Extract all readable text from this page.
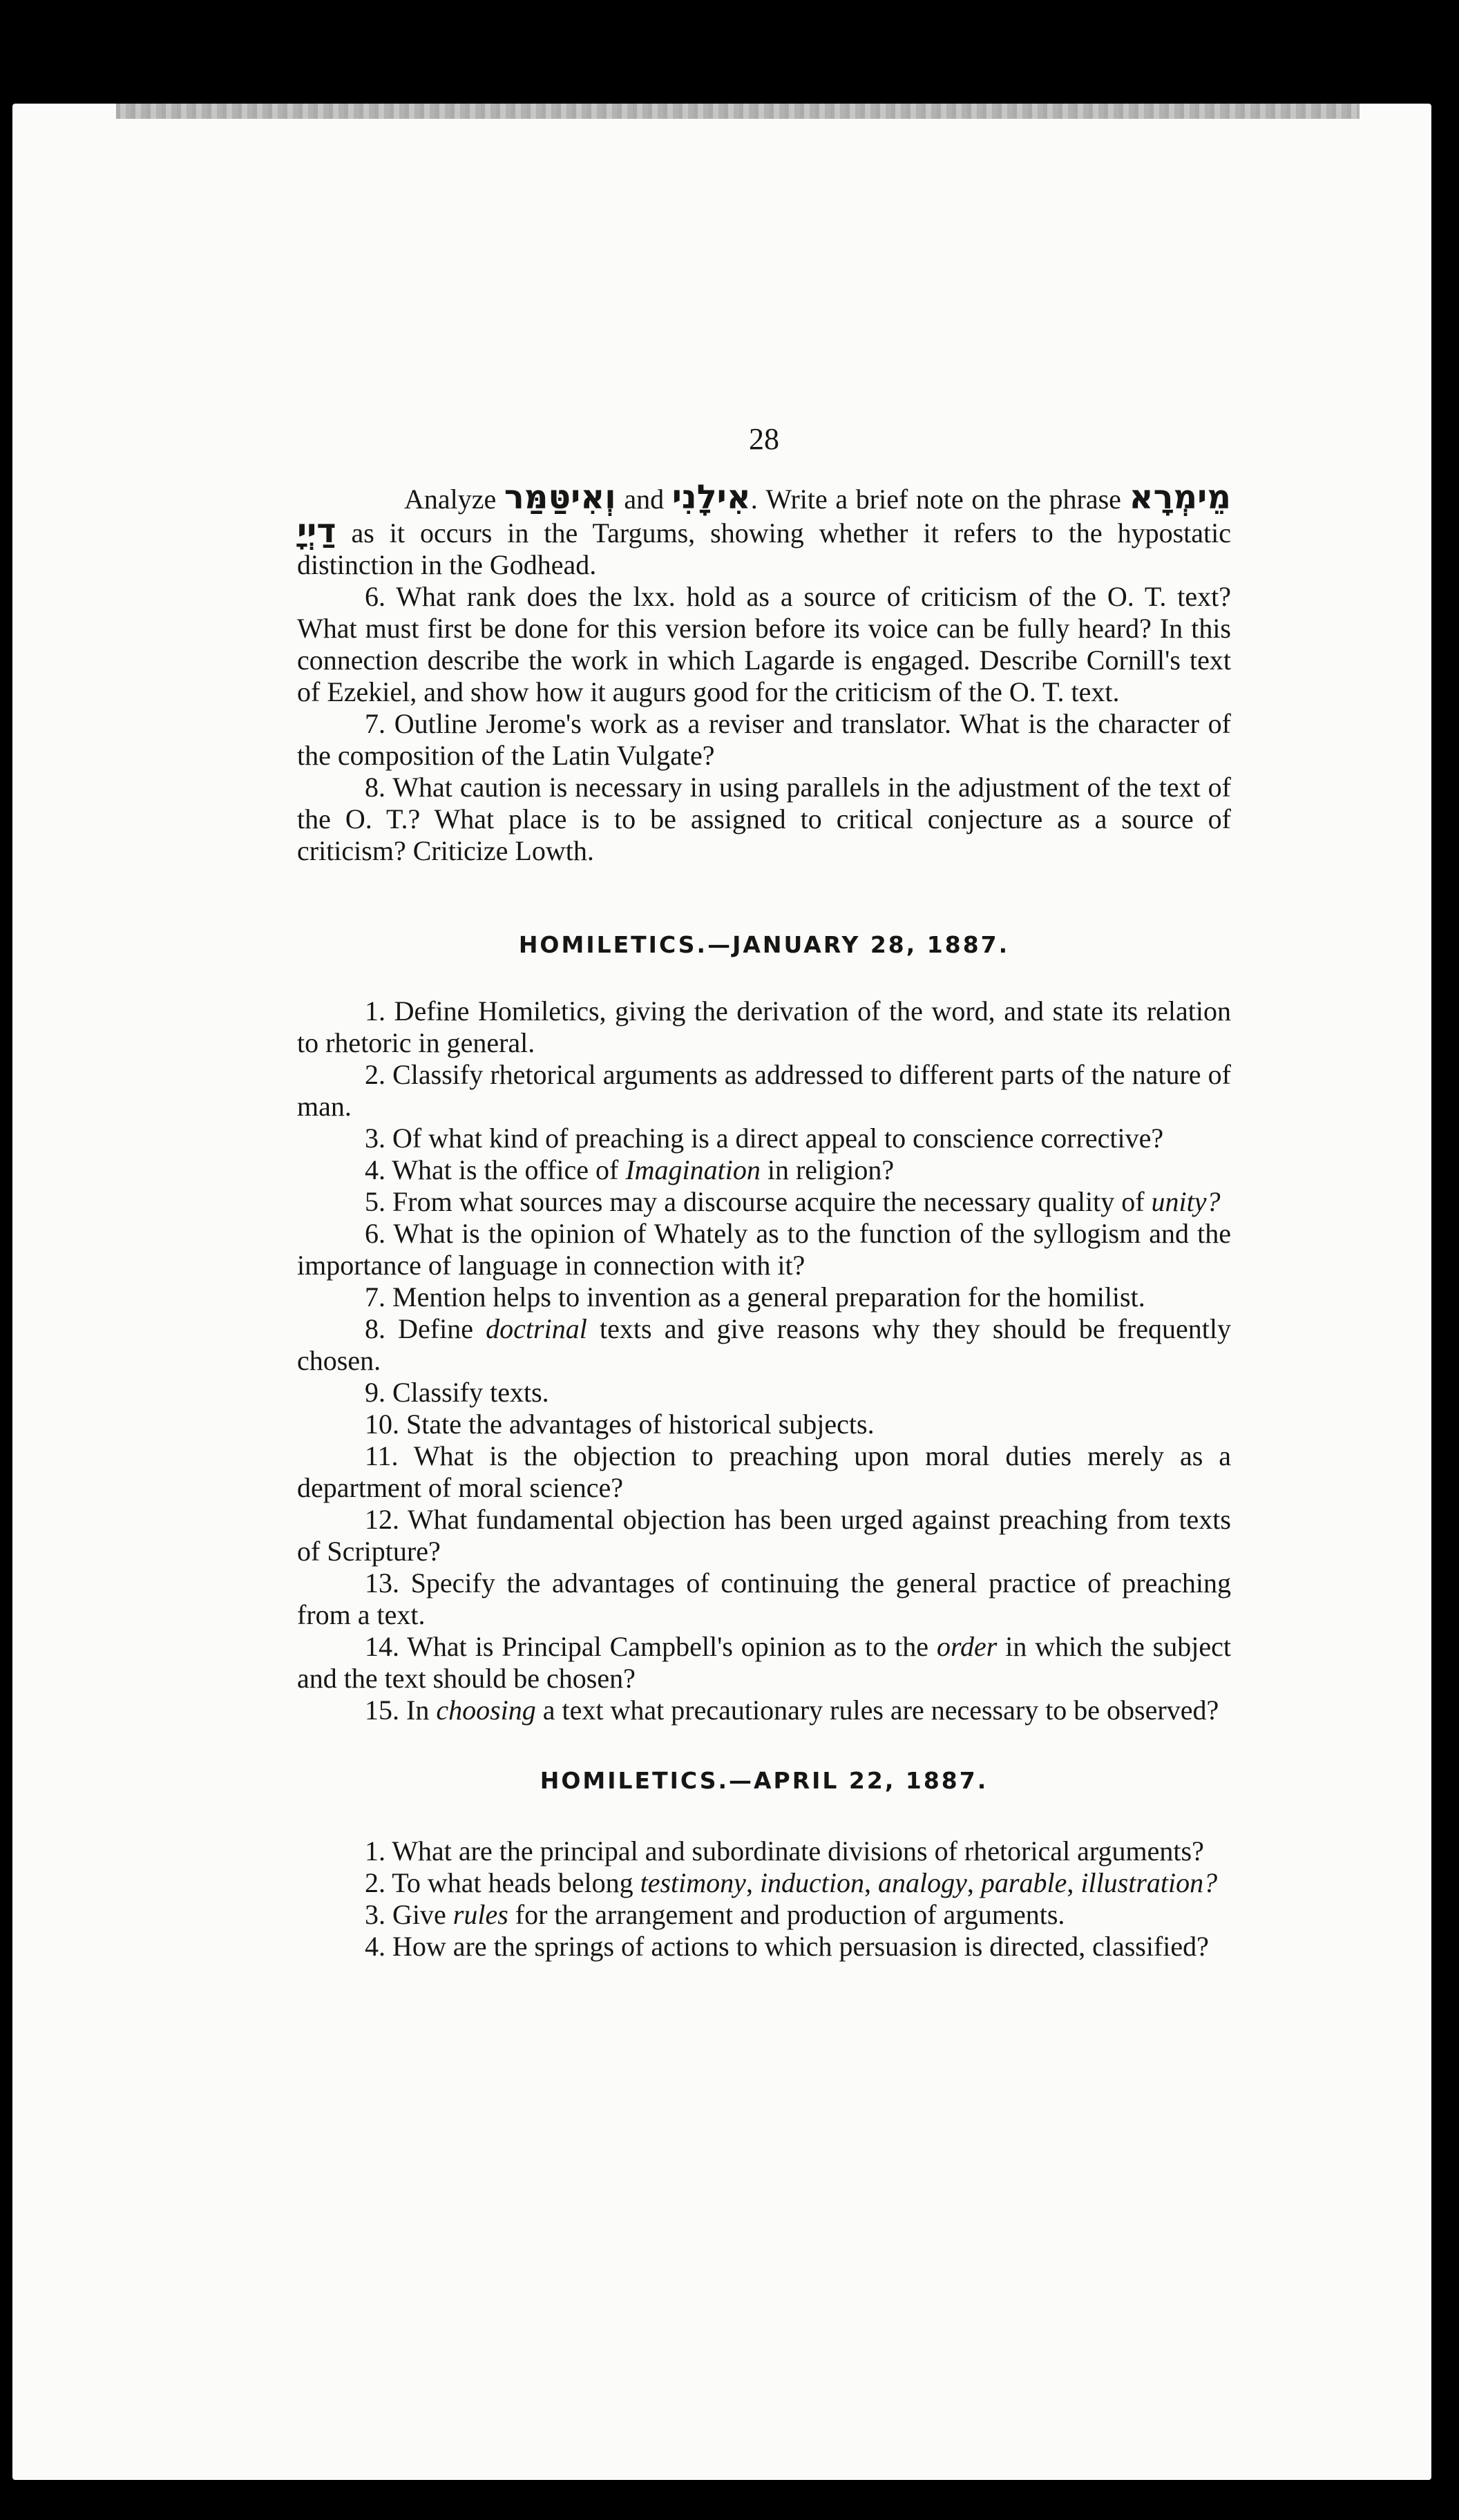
28

Analyze וְאִיטַּמַּר and אִילָנִי. Write a brief note on the phrase מֵימְרָא דַיְיָ as it occurs in the Targums, showing whether it refers to the hypostatic distinction in the Godhead.

6. What rank does the lxx. hold as a source of criticism of the O. T. text? What must first be done for this version before its voice can be fully heard? In this connection describe the work in which Lagarde is engaged. Describe Cornill's text of Ezekiel, and show how it augurs good for the criticism of the O. T. text.

7. Outline Jerome's work as a reviser and translator. What is the character of the composition of the Latin Vulgate?

8. What caution is necessary in using parallels in the adjustment of the text of the O. T.? What place is to be assigned to critical conjecture as a source of criticism? Criticize Lowth.

HOMILETICS.—JANUARY 28, 1887.

1. Define Homiletics, giving the derivation of the word, and state its relation to rhetoric in general.

2. Classify rhetorical arguments as addressed to different parts of the nature of man.

3. Of what kind of preaching is a direct appeal to conscience corrective?

4. What is the office of Imagination in religion?

5. From what sources may a discourse acquire the necessary quality of unity?

6. What is the opinion of Whately as to the function of the syllogism and the importance of language in connection with it?

7. Mention helps to invention as a general preparation for the homilist.

8. Define doctrinal texts and give reasons why they should be frequently chosen.

9. Classify texts.

10. State the advantages of historical subjects.

11. What is the objection to preaching upon moral duties merely as a department of moral science?

12. What fundamental objection has been urged against preaching from texts of Scripture?

13. Specify the advantages of continuing the general practice of preaching from a text.

14. What is Principal Campbell's opinion as to the order in which the subject and the text should be chosen?

15. In choosing a text what precautionary rules are necessary to be observed?

HOMILETICS.—APRIL 22, 1887.

1. What are the principal and subordinate divisions of rhetorical arguments?

2. To what heads belong testimony, induction, analogy, parable, illustration?

3. Give rules for the arrangement and production of arguments.

4. How are the springs of actions to which persuasion is directed, classified?
